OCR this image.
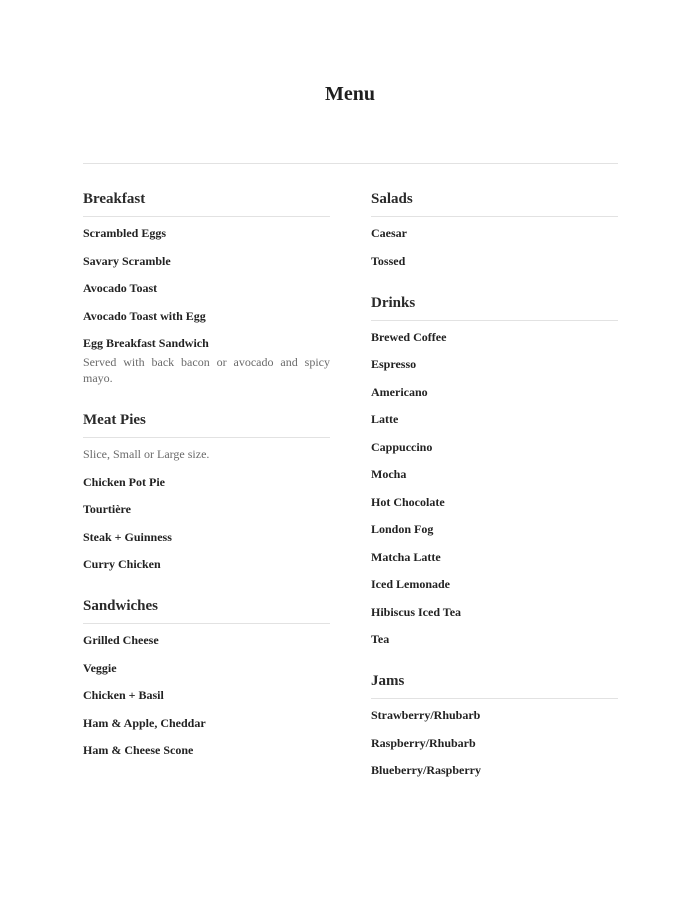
Menu
Breakfast
Scrambled Eggs
Savary Scramble
Avocado Toast
Avocado Toast with Egg
Egg Breakfast Sandwich
Served with back bacon or avocado and spicy mayo.
Meat Pies
Slice, Small or Large size.
Chicken Pot Pie
Tourtière
Steak + Guinness
Curry Chicken
Sandwiches
Grilled Cheese
Veggie
Chicken + Basil
Ham & Apple, Cheddar
Ham & Cheese Scone
Salads
Caesar
Tossed
Drinks
Brewed Coffee
Espresso
Americano
Latte
Cappuccino
Mocha
Hot Chocolate
London Fog
Matcha Latte
Iced Lemonade
Hibiscus Iced Tea
Tea
Jams
Strawberry/Rhubarb
Raspberry/Rhubarb
Blueberry/Raspberry
